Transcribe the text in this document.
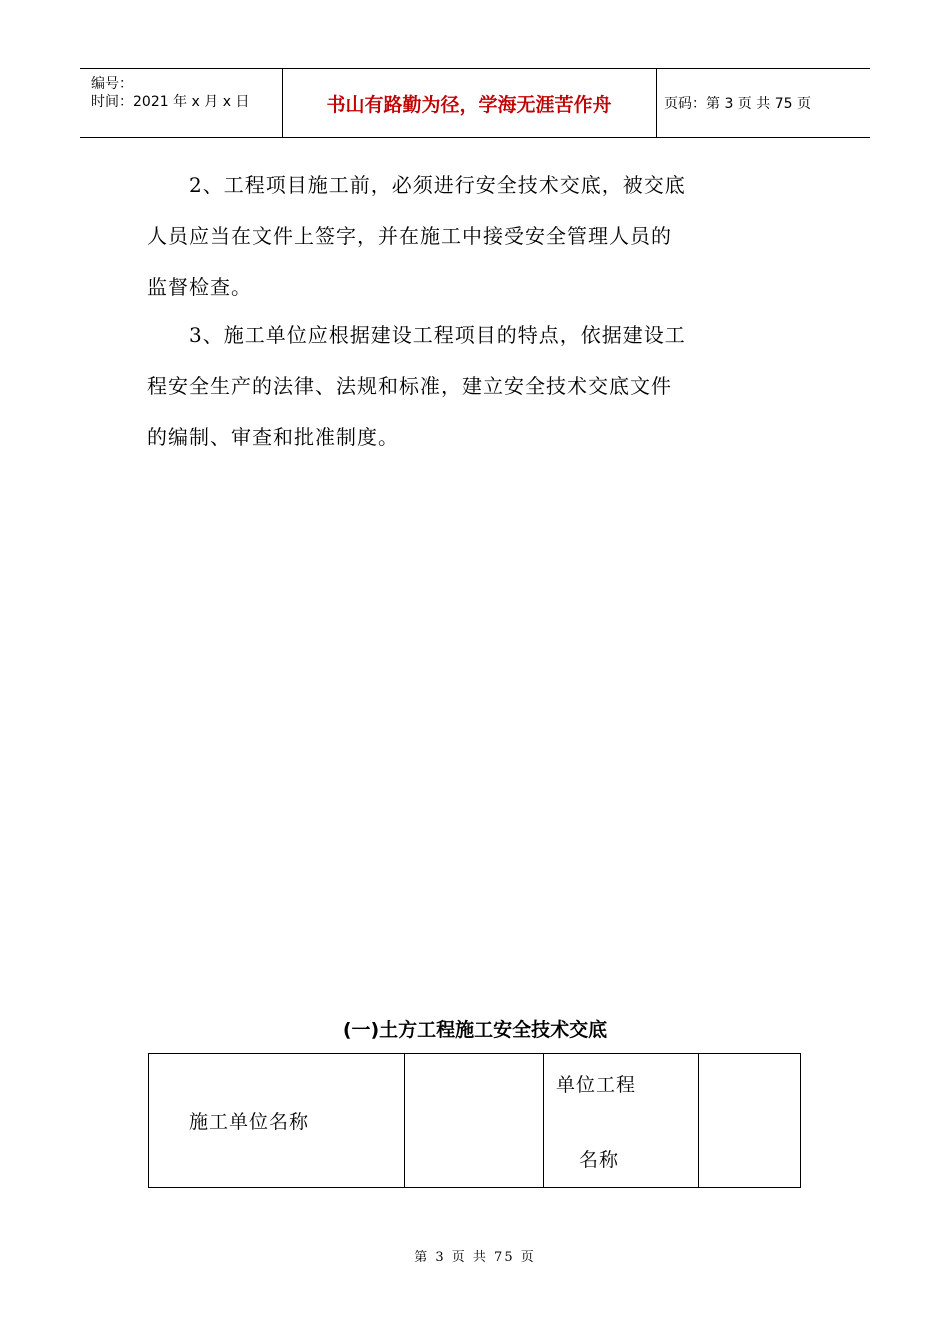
编号：
时间：2021 年 x 月 x 日	书山有路勤为径，学海无涯苦作舟	页码：第 3 页 共 75 页
2、工程项目施工前，必须进行安全技术交底，被交底
人员应当在文件上签字，并在施工中接受安全管理人员的
监督检查。
3、施工单位应根据建设工程项目的特点，依据建设工
程安全生产的法律、法规和标准，建立安全技术交底文件
的编制、审查和批准制度。
(一)土方工程施工安全技术交底
施工单位名称
单位工程
名称
第 3 页 共 75 页
